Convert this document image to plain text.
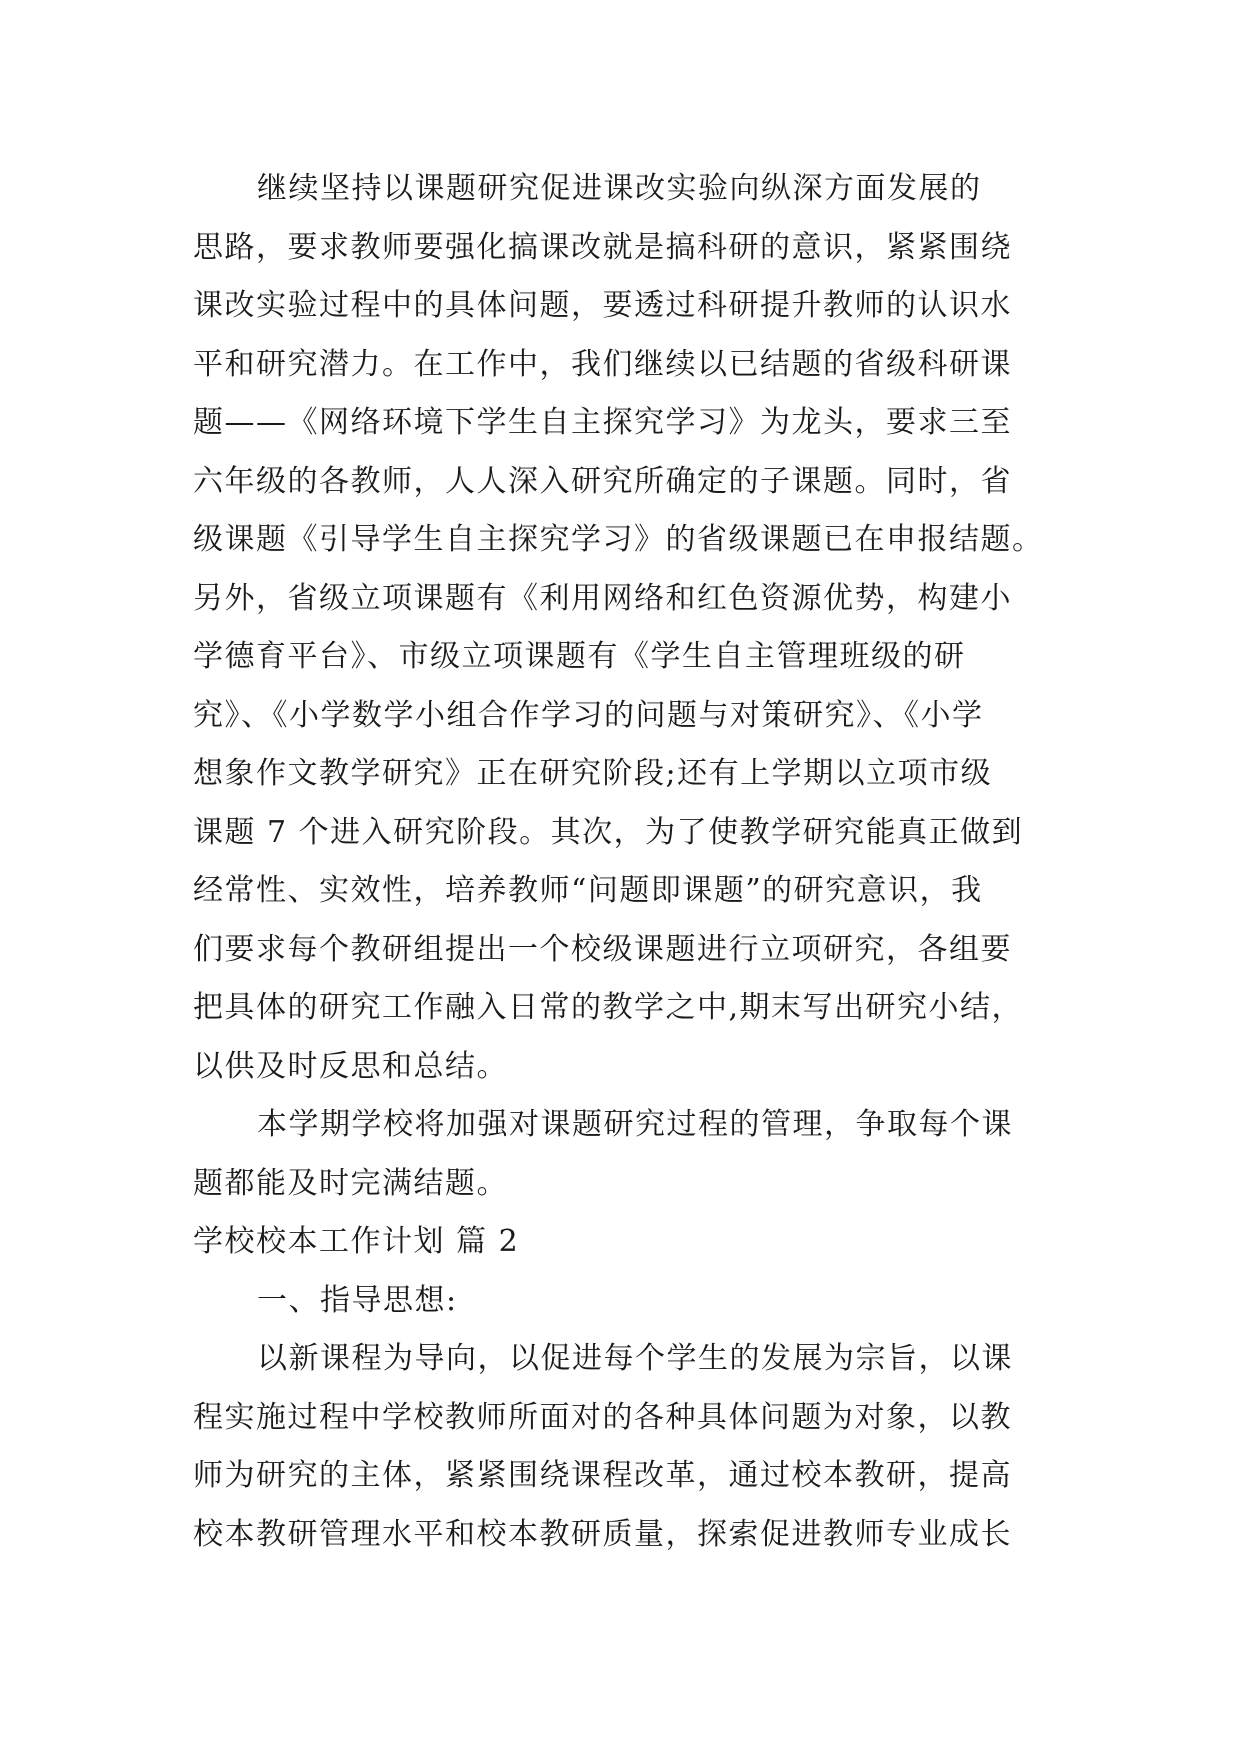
继续坚持以课题研究促进课改实验向纵深方面发展的
思路，要求教师要强化搞课改就是搞科研的意识，紧紧围绕
课改实验过程中的具体问题，要透过科研提升教师的认识水
平和研究潜力。在工作中，我们继续以已结题的省级科研课
题——《网络环境下学生自主探究学习》为龙头，要求三至
六年级的各教师，人人深入研究所确定的子课题。同时，省
级课题《引导学生自主探究学习》的省级课题已在申报结题。
另外，省级立项课题有《利用网络和红色资源优势，构建小
学德育平台》、市级立项课题有《学生自主管理班级的研
究》、《小学数学小组合作学习的问题与对策研究》、《小学
想象作文教学研究》正在研究阶段;还有上学期以立项市级
课题 7 个进入研究阶段。其次，为了使教学研究能真正做到
经常性、实效性，培养教师“问题即课题”的研究意识，我
们要求每个教研组提出一个校级课题进行立项研究，各组要
把具体的研究工作融入日常的教学之中,期末写出研究小结，
以供及时反思和总结。
本学期学校将加强对课题研究过程的管理，争取每个课
题都能及时完满结题。
学校校本工作计划 篇 2
一、指导思想:
以新课程为导向，以促进每个学生的发展为宗旨，以课
程实施过程中学校教师所面对的各种具体问题为对象，以教
师为研究的主体，紧紧围绕课程改革，通过校本教研，提高
校本教研管理水平和校本教研质量，探索促进教师专业成长
